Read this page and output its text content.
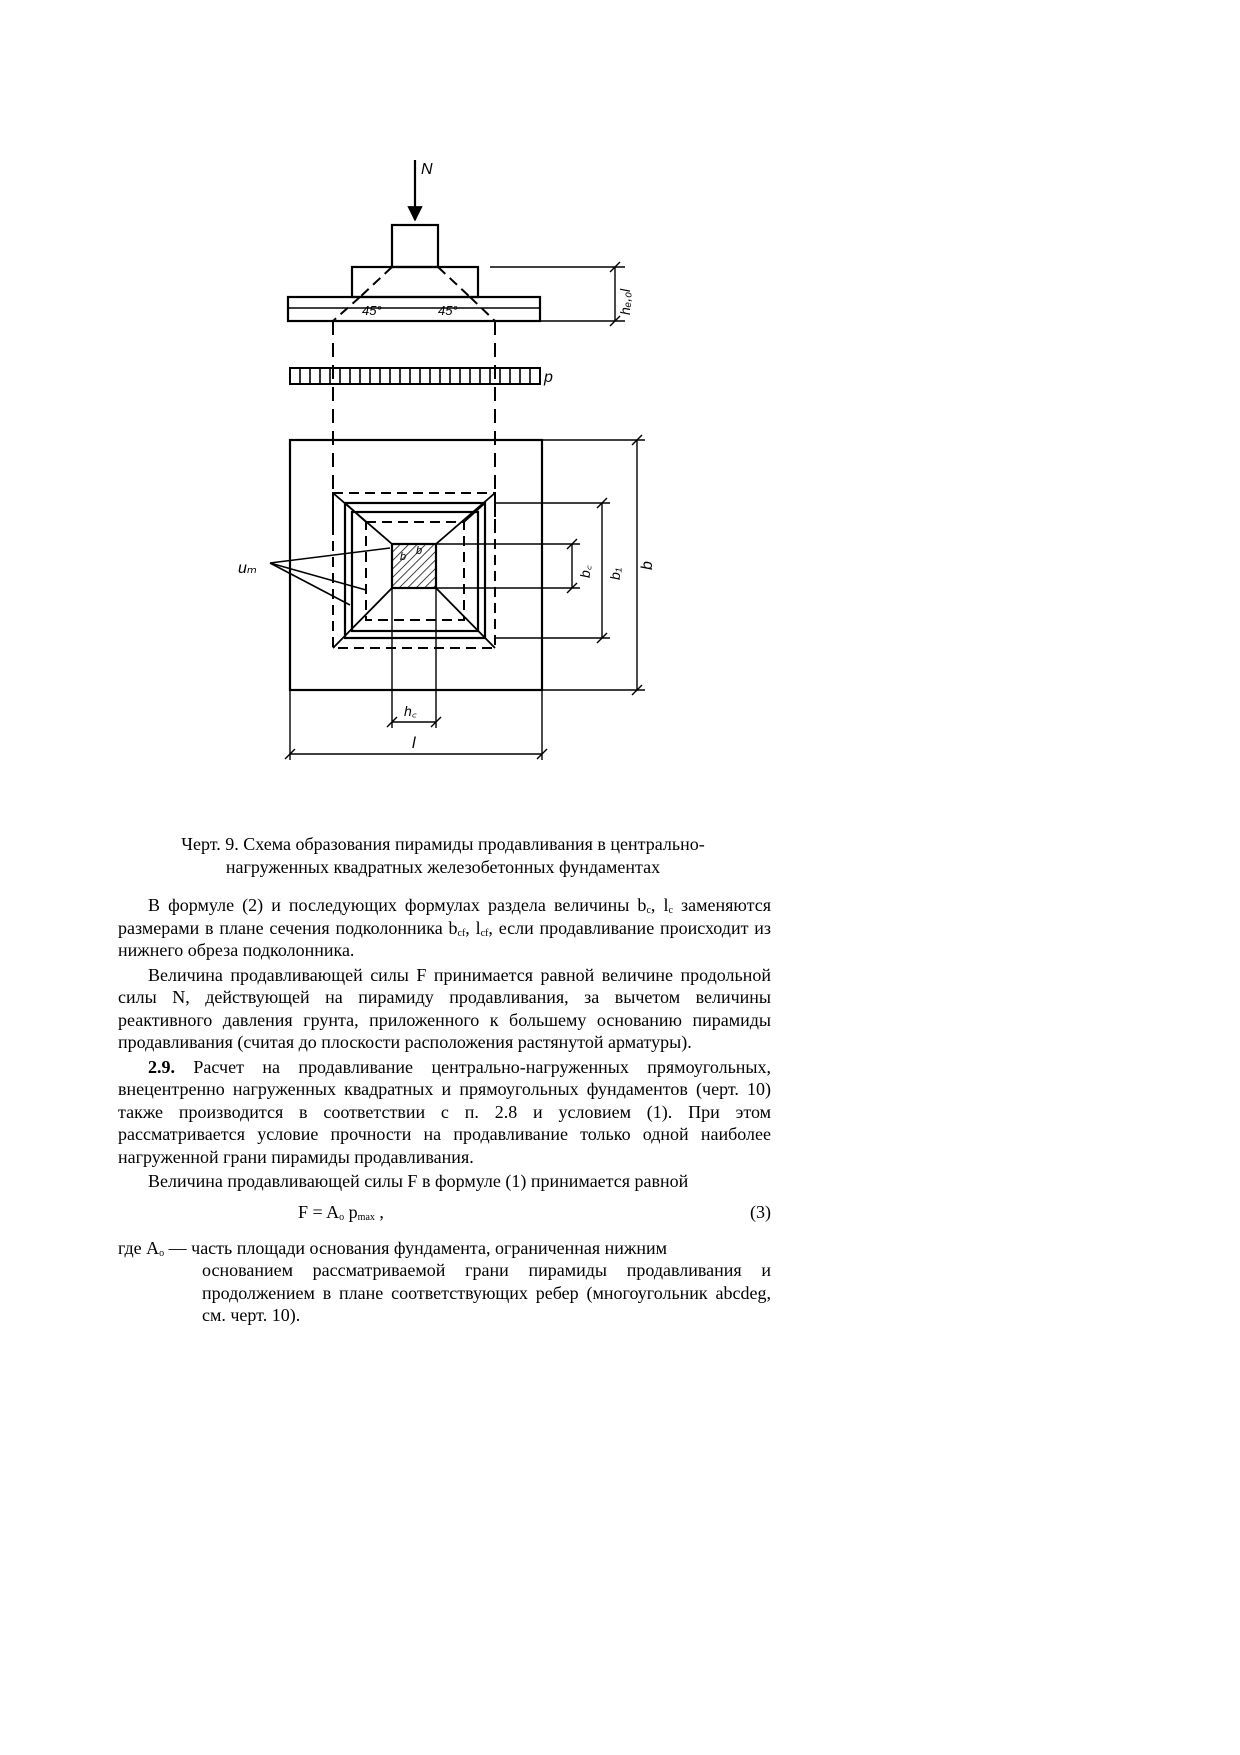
N
p
hₑ,₀l
45°	45°
uₘ	b꜀ b₁
b
h꜀
l
b b
Черт. 9. Схема образования пирамиды продавливания в центрально-
нагруженных квадратных железобетонных фундаментах

В формуле (2) и последующих формулах раздела величины $b_c$, $l_c$ заменяются размерами в плане сечения подколонника $b_{cf}$, $l_{cf}$, если продавливание происходит из нижнего обреза подколонника.

Величина продавливающей силы F принимается равной величине продольной силы N, действующей на пирамиду продавливания, за вычетом величины реактивного давления грунта, приложенного к большему основанию пирамиды продавливания (считая до плоскости расположения растянутой арматуры).

2.9. Расчет на продавливание центрально-нагруженных прямоугольных, внецентренно нагруженных квадратных и прямоугольных фундаментов (черт. 10) также производится в соответствии с п. 2.8 и условием (1). При этом рассматривается условие прочности на продавливание только одной наиболее нагруженной грани пирамиды продавливания.

Величина продавливающей силы F в формуле (1) принимается равной

$F = A_o$ $p_{max}$ ,	(3)
где $A_o$ — часть площади основания фундамента, ограниченная нижним
основанием рассматриваемой грани пирамиды продавливания и продолжением в плане соответствующих ребер (многоугольник abcdeg, см. черт. 10).
